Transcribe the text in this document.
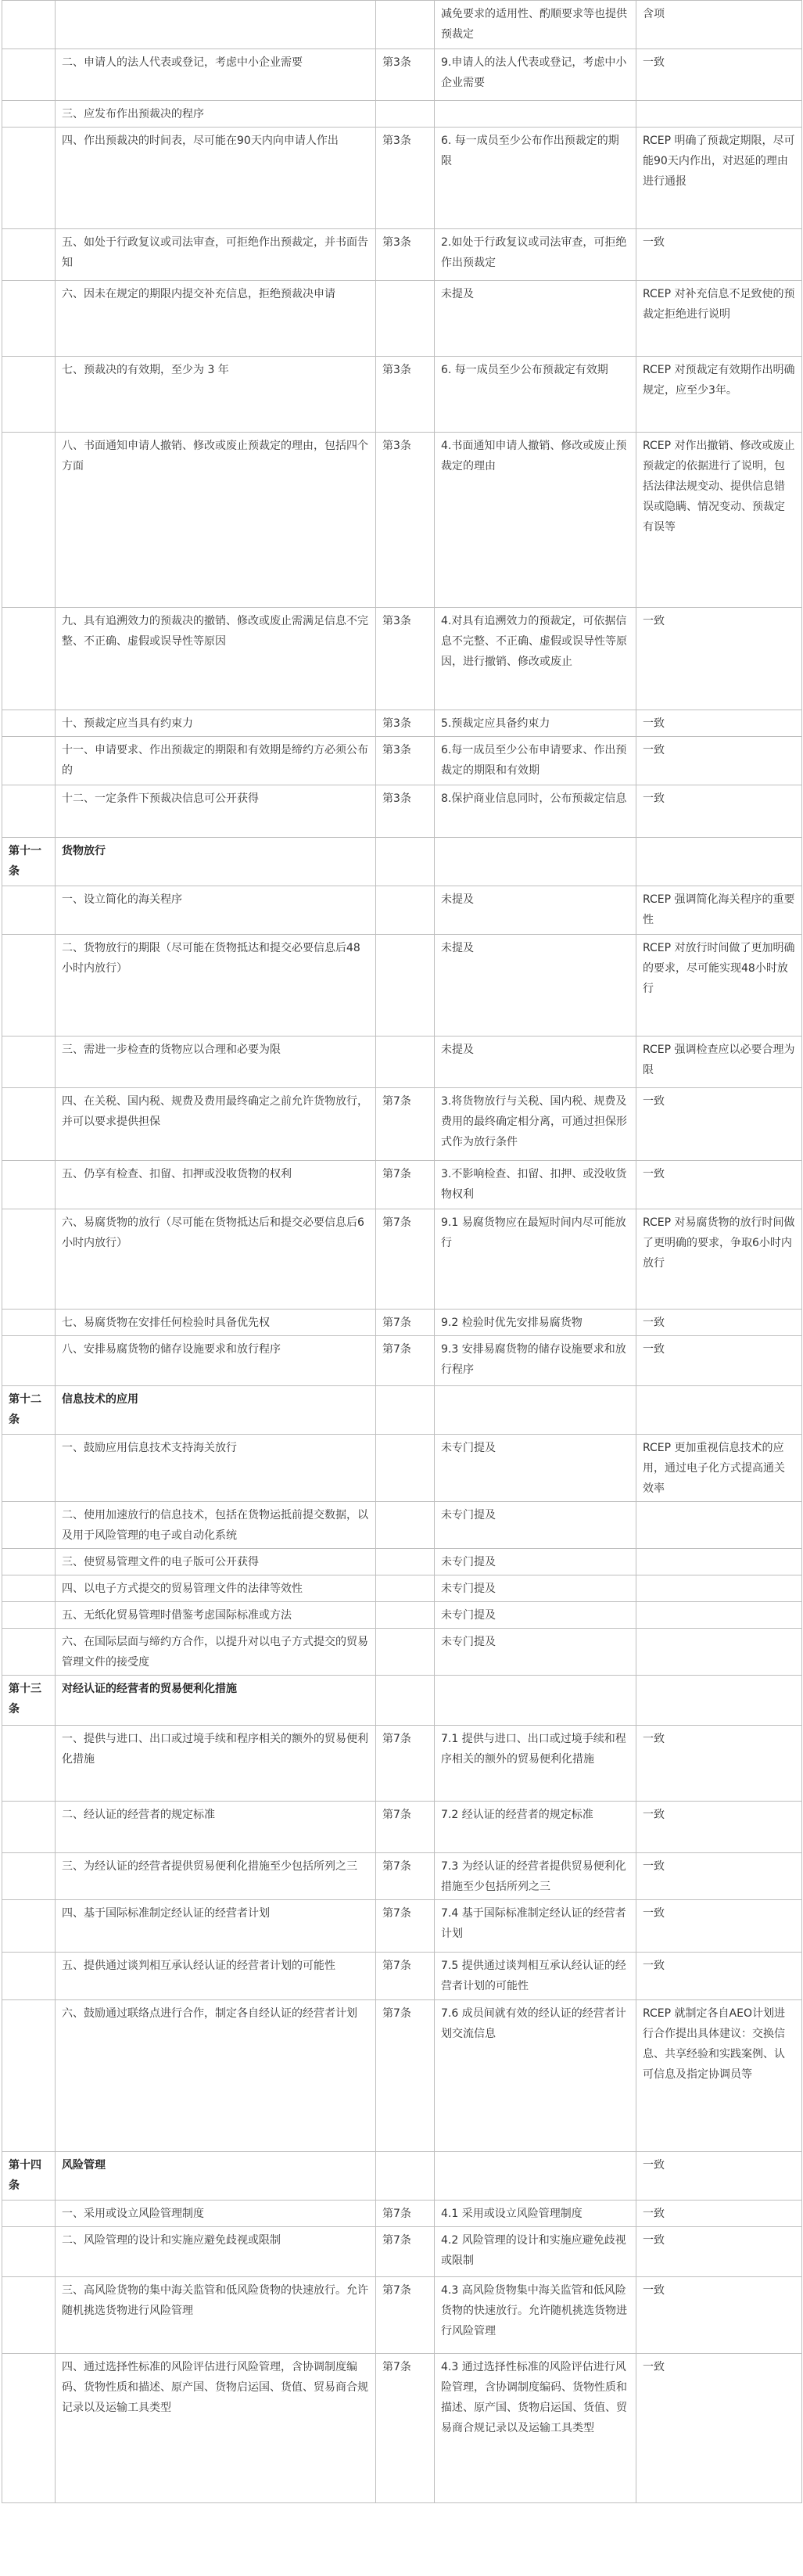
			减免要求的适用性、酌顺要求等也提供预裁定	含项
	二、申请人的法人代表或登记，考虑中小企业需要	第3条	9.申请人的法人代表或登记，考虑中小企业需要	一致
	三、应发布作出预裁决的程序			
	四、作出预裁决的时间表，尽可能在90天内向申请人作出	第3条	6. 每一成员至少公布作出预裁定的期限	RCEP 明确了预裁定期限，尽可能90天内作出，对迟延的理由进行通报
	五、如处于行政复议或司法审查，可拒绝作出预裁定，并书面告知	第3条	2.如处于行政复议或司法审查，可拒绝作出预裁定	一致
	六、因未在规定的期限内提交补充信息，拒绝预裁决申请		未提及	RCEP 对补充信息不足致使的预裁定拒绝进行说明
	七、预裁决的有效期，至少为 3 年	第3条	6. 每一成员至少公布预裁定有效期	RCEP 对预裁定有效期作出明确规定，应至少3年。
	八、书面通知申请人撤销、修改或废止预裁定的理由，包括四个方面	第3条	4.书面通知申请人撤销、修改或废止预裁定的理由	RCEP 对作出撤销、修改或废止预裁定的依据进行了说明，包括法律法规变动、提供信息错误或隐瞒、情况变动、预裁定有误等
	九、具有追溯效力的预裁决的撤销、修改或废止需满足信息不完整、不正确、虚假或误导性等原因	第3条	4.对具有追溯效力的预裁定，可依据信息不完整、不正确、虚假或误导性等原因，进行撤销、修改或废止	一致
	十、预裁定应当具有约束力	第3条	5.预裁定应具备约束力	一致
	十一、申请要求、作出预裁定的期限和有效期是缔约方必须公布的	第3条	6.每一成员至少公布申请要求、作出预裁定的期限和有效期	一致
	十二、一定条件下预裁决信息可公开获得	第3条	8.保护商业信息同时，公布预裁定信息	一致
第十一条	货物放行			
	一、设立简化的海关程序		未提及	RCEP 强调简化海关程序的重要性
	二、货物放行的期限（尽可能在货物抵达和提交必要信息后48小时内放行）		未提及	RCEP 对放行时间做了更加明确的要求，尽可能实现48小时放行
	三、需进一步检查的货物应以合理和必要为限		未提及	RCEP 强调检查应以必要合理为限
	四、在关税、国内税、规费及费用最终确定之前允许货物放行，并可以要求提供担保	第7条	3.将货物放行与关税、国内税、规费及费用的最终确定相分离，可通过担保形式作为放行条件	一致
	五、仍享有检查、扣留、扣押或没收货物的权利	第7条	3.不影响检查、扣留、扣押、或没收货物权利	一致
	六、易腐货物的放行（尽可能在货物抵达后和提交必要信息后6小时内放行）	第7条	9.1 易腐货物应在最短时间内尽可能放行	RCEP 对易腐货物的放行时间做了更明确的要求，争取6小时内放行
	七、易腐货物在安排任何检验时具备优先权	第7条	9.2 检验时优先安排易腐货物	一致
	八、安排易腐货物的储存设施要求和放行程序	第7条	9.3 安排易腐货物的储存设施要求和放行程序	一致
第十二条	信息技术的应用			
	一、鼓励应用信息技术支持海关放行		未专门提及	RCEP 更加重视信息技术的应用，通过电子化方式提高通关效率
	二、使用加速放行的信息技术，包括在货物运抵前提交数据，以及用于风险管理的电子或自动化系统		未专门提及	
	三、使贸易管理文件的电子版可公开获得		未专门提及	
	四、以电子方式提交的贸易管理文件的法律等效性		未专门提及	
	五、无纸化贸易管理时借鉴考虑国际标准或方法		未专门提及	
	六、在国际层面与缔约方合作，以提升对以电子方式提交的贸易管理文件的接受度		未专门提及	
第十三条	对经认证的经营者的贸易便利化措施			
	一、提供与进口、出口或过境手续和程序相关的额外的贸易便利化措施	第7条	7.1 提供与进口、出口或过境手续和程序相关的额外的贸易便利化措施	一致
	二、经认证的经营者的规定标准	第7条	7.2 经认证的经营者的规定标准	一致
	三、为经认证的经营者提供贸易便利化措施至少包括所列之三	第7条	7.3 为经认证的经营者提供贸易便利化措施至少包括所列之三	一致
	四、基于国际标准制定经认证的经营者计划	第7条	7.4 基于国际标准制定经认证的经营者计划	一致
	五、提供通过谈判相互承认经认证的经营者计划的可能性	第7条	7.5 提供通过谈判相互承认经认证的经营者计划的可能性	一致
	六、鼓励通过联络点进行合作，制定各自经认证的经营者计划	第7条	7.6 成员间就有效的经认证的经营者计划交流信息	RCEP 就制定各自AEO计划进行合作提出具体建议：交换信息、共享经验和实践案例、认可信息及指定协调员等
第十四条	风险管理			一致
	一、采用或设立风险管理制度	第7条	4.1 采用或设立风险管理制度	一致
	二、风险管理的设计和实施应避免歧视或限制	第7条	4.2 风险管理的设计和实施应避免歧视或限制	一致
	三、高风险货物的集中海关监管和低风险货物的快速放行。允许随机挑选货物进行风险管理	第7条	4.3 高风险货物集中海关监管和低风险货物的快速放行。允许随机挑选货物进行风险管理	一致
	四、通过选择性标准的风险评估进行风险管理，含协调制度编码、货物性质和描述、原产国、货物启运国、货值、贸易商合规记录以及运输工具类型	第7条	4.3 通过选择性标准的风险评估进行风险管理，含协调制度编码、货物性质和描述、原产国、货物启运国、货值、贸易商合规记录以及运输工具类型	一致
